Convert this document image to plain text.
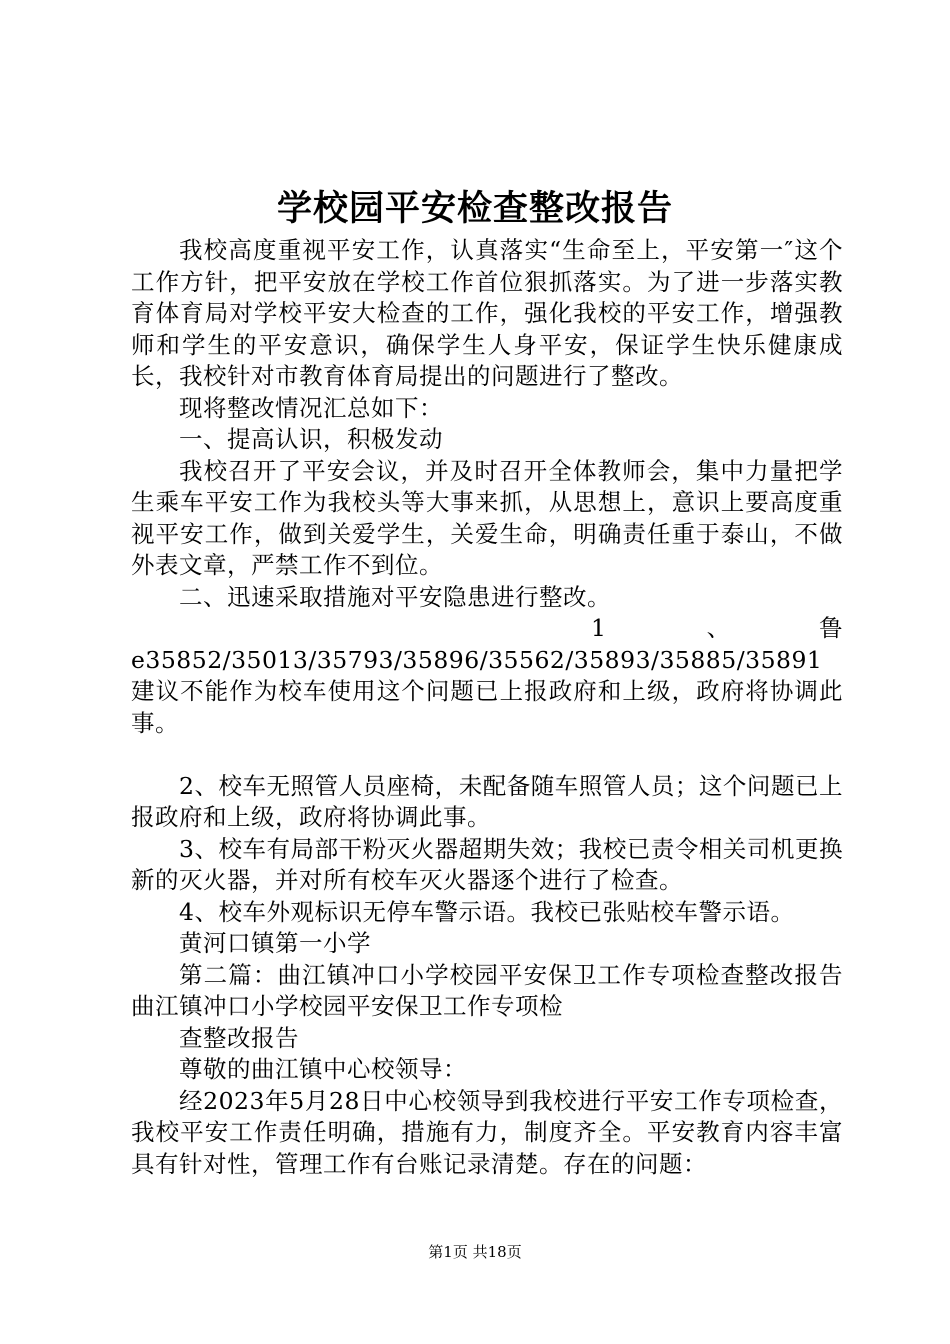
学校园平安检查整改报告

我校高度重视平安工作，认真落实“生命至上，平安第一″这个工作方针，把平安放在学校工作首位狠抓落实。为了进一步落实教育体育局对学校平安大检查的工作，强化我校的平安工作，增强教师和学生的平安意识，确保学生人身平安，保证学生快乐健康成长，我校针对市教育体育局提出的问题进行了整改。

现将整改情况汇总如下：

一、提高认识，积极发动

我校召开了平安会议，并及时召开全体教师会，集中力量把学生乘车平安工作为我校头等大事来抓，从思想上，意识上要高度重视平安工作，做到关爱学生，关爱生命，明确责任重于泰山，不做外表文章，严禁工作不到位。

二、迅速采取措施对平安隐患进行整改。

1　、　鲁

e35852/35013/35793/35896/35562/35893/35885/35891 建议不能作为校车使用这个问题已上报政府和上级，政府将协调此事。

2、校车无照管人员座椅，未配备随车照管人员；这个问题已上报政府和上级，政府将协调此事。

3、校车有局部干粉灭火器超期失效；我校已责令相关司机更换新的灭火器，并对所有校车灭火器逐个进行了检查。

4、校车外观标识无停车警示语。我校已张贴校车警示语。

黄河口镇第一小学

第二篇：曲江镇冲口小学校园平安保卫工作专项检查整改报告曲江镇冲口小学校园平安保卫工作专项检

查整改报告

尊敬的曲江镇中心校领导：

经2023年5月28日中心校领导到我校进行平安工作专项检查，我校平安工作责任明确，措施有力，制度齐全。平安教育内容丰富具有针对性，管理工作有台账记录清楚。存在的问题：

第1页 共18页
